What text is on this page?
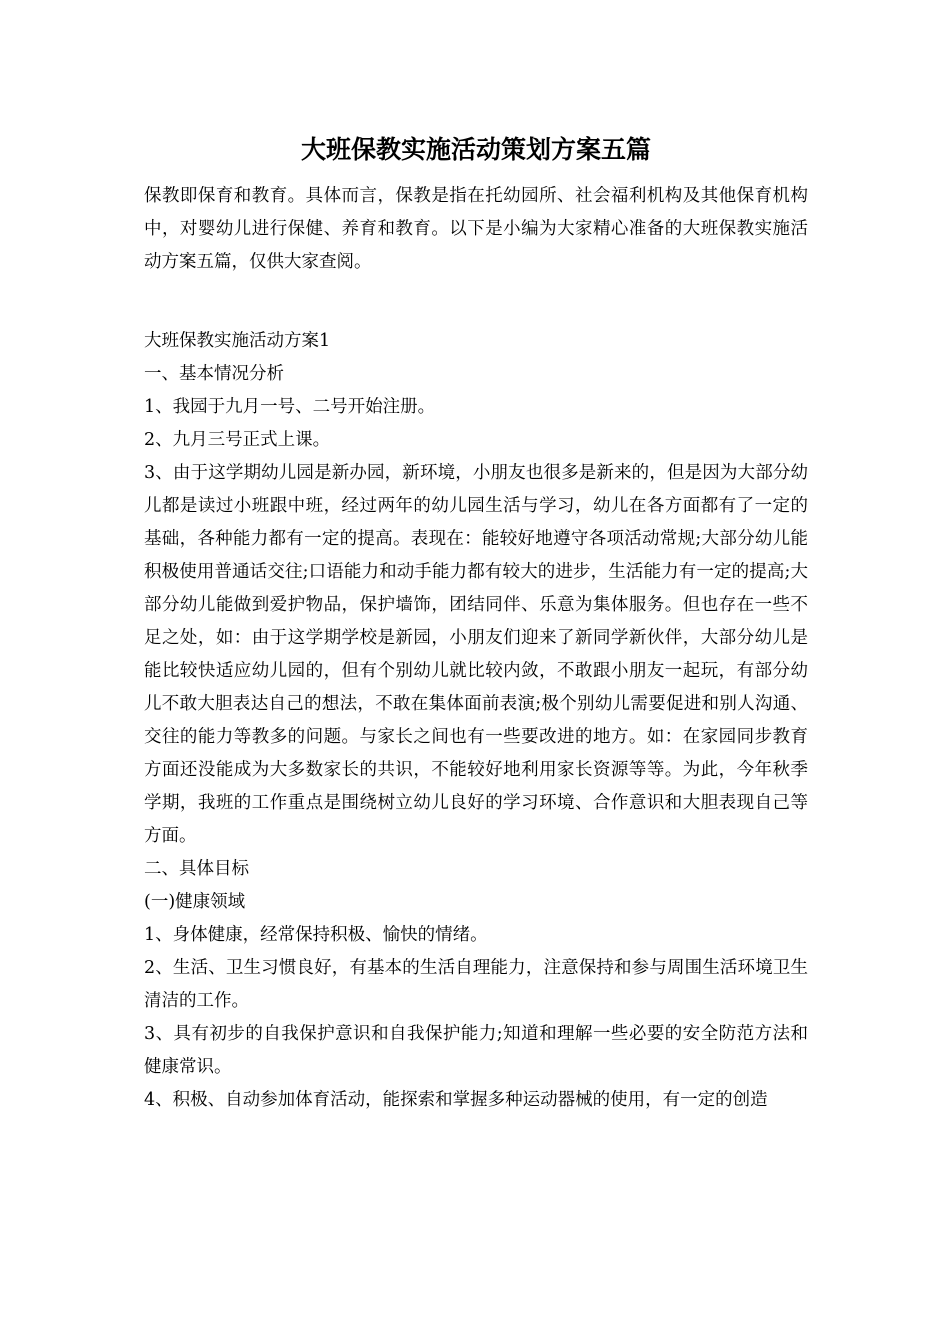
大班保教实施活动策划方案五篇

保教即保育和教育。具体而言，保教是指在托幼园所、社会福利机构及其他保育机构中，对婴幼儿进行保健、养育和教育。以下是小编为大家精心准备的大班保教实施活动方案五篇，仅供大家查阅。

大班保教实施活动方案1

一、基本情况分析

1、我园于九月一号、二号开始注册。

2、九月三号正式上课。

3、由于这学期幼儿园是新办园，新环境，小朋友也很多是新来的，但是因为大部分幼儿都是读过小班跟中班，经过两年的幼儿园生活与学习，幼儿在各方面都有了一定的基础，各种能力都有一定的提高。表现在：能较好地遵守各项活动常规;大部分幼儿能积极使用普通话交往;口语能力和动手能力都有较大的进步，生活能力有一定的提高;大部分幼儿能做到爱护物品，保护墙饰，团结同伴、乐意为集体服务。但也存在一些不足之处，如：由于这学期学校是新园，小朋友们迎来了新同学新伙伴，大部分幼儿是能比较快适应幼儿园的，但有个别幼儿就比较内敛，不敢跟小朋友一起玩，有部分幼儿不敢大胆表达自己的想法，不敢在集体面前表演;极个别幼儿需要促进和别人沟通、交往的能力等教多的问题。与家长之间也有一些要改进的地方。如：在家园同步教育方面还没能成为大多数家长的共识，不能较好地利用家长资源等等。为此，今年秋季学期，我班的工作重点是围绕树立幼儿良好的学习环境、合作意识和大胆表现自己等方面。

二、具体目标

(一)健康领域

1、身体健康，经常保持积极、愉快的情绪。

2、生活、卫生习惯良好，有基本的生活自理能力，注意保持和参与周围生活环境卫生清洁的工作。

3、具有初步的自我保护意识和自我保护能力;知道和理解一些必要的安全防范方法和健康常识。

4、积极、自动参加体育活动，能探索和掌握多种运动器械的使用，有一定的创造
